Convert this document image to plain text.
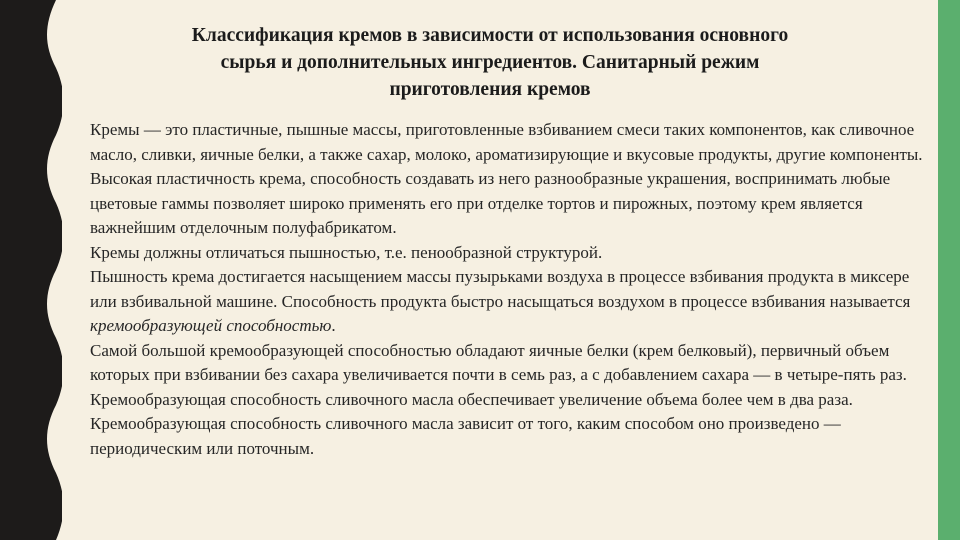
Классификация кремов в зависимости от использования основного
сырья и дополнительных ингредиентов. Санитарный режим
приготовления кремов

Кремы — это пластичные, пышные массы, приготовленные взбиванием смеси таких компонентов, как сливочное масло, сливки, яичные белки, а также сахар, молоко, ароматизирующие и вкусовые продукты, другие компоненты. Высокая пластичность крема, способность создавать из него разнообразные украшения, воспринимать любые цветовые гаммы позволяет широко применять его при отделке тортов и пирожных, поэтому крем является важнейшим отделочным полуфабрикатом.

Кремы должны отличаться пышностью, т.е. пенообразной структурой.

Пышность крема достигается насыщением массы пузырьками воздуха в процессе взбивания продукта в миксере или взбивальной машине. Способность продукта быстро насыщаться воздухом в процессе взбивания называется кремообразующей способностью.

Самой большой кремообразующей способностью обладают яичные белки (крем белковый), первичный объем которых при взбивании без сахара увеличивается почти в семь раз, а с добавлением сахара — в четыре-пять раз. Кремообразующая способность сливочного масла обеспечивает увеличение объема более чем в два раза.

Кремообразующая способность сливочного масла зависит от того, каким способом оно произведено — периодическим или поточным.
